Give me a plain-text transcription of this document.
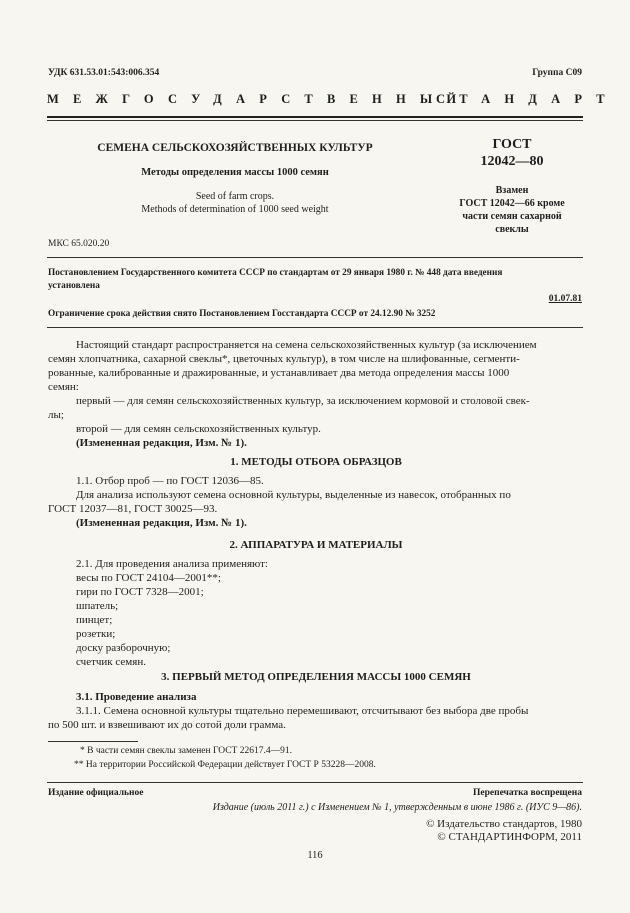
УДК 631.53.01:543:006.354	Группа С09
МЕЖГОСУДАРСТВЕННЫЙ
СТАНДАРТ
СЕМЕНА СЕЛЬСКОХОЗЯЙСТВЕННЫХ КУЛЬТУР
Методы определения массы 1000 семян
Seed of farm crops.
Methods of determination of 1000 seed weight
ГОСТ
12042—80
Взамен
ГОСТ 12042—66 кроме
части семян сахарной
свеклы
МКС 65.020.20
Постановлением Государственного комитета СССР по стандартам от 29 января 1980 г. № 448 дата введения
установлена
01.07.81
Ограничение срока действия снято Постановлением Госстандарта СССР от 24.12.90 № 3252
Настоящий стандарт распространяется на семена сельскохозяйственных культур (за исключением
семян хлопчатника, сахарной свеклы*, цветочных культур), в том числе на шлифованные, сегменти-
рованные, калиброванные и дражированные, и устанавливает два метода определения массы 1000
семян:
первый — для семян сельскохозяйственных культур, за исключением кормовой и столовой свек-
лы;
второй — для семян сельскохозяйственных культур.
(Измененная редакция, Изм. № 1).
1. МЕТОДЫ ОТБОРА ОБРАЗЦОВ
1.1. Отбор проб — по ГОСТ 12036—85.
Для анализа используют семена основной культуры, выделенные из навесок, отобранных по
ГОСТ 12037—81, ГОСТ 30025—93.
(Измененная редакция, Изм. № 1).
2. АППАРАТУРА И МАТЕРИАЛЫ
2.1. Для проведения анализа применяют:
весы по ГОСТ 24104—2001**;
гири по ГОСТ 7328—2001;
шпатель;
пинцет;
розетки;
доску разборочную;
счетчик семян.
3. ПЕРВЫЙ МЕТОД ОПРЕДЕЛЕНИЯ МАССЫ 1000 СЕМЯН
3.1. Проведение анализа
3.1.1. Семена основной культуры тщательно перемешивают, отсчитывают без выбора две пробы
по 500 шт. и взвешивают их до сотой доли грамма.
* В части семян свеклы заменен ГОСТ 22617.4—91.
** На территории Российской Федерации действует ГОСТ Р 53228—2008.
Издание официальное	Перепечатка воспрещена
Издание (июль 2011 г.) с Изменением № 1, утвержденным в июне 1986 г. (ИУС 9—86).
© Издательство стандартов, 1980
© СТАНДАРТИНФОРМ, 2011
116
